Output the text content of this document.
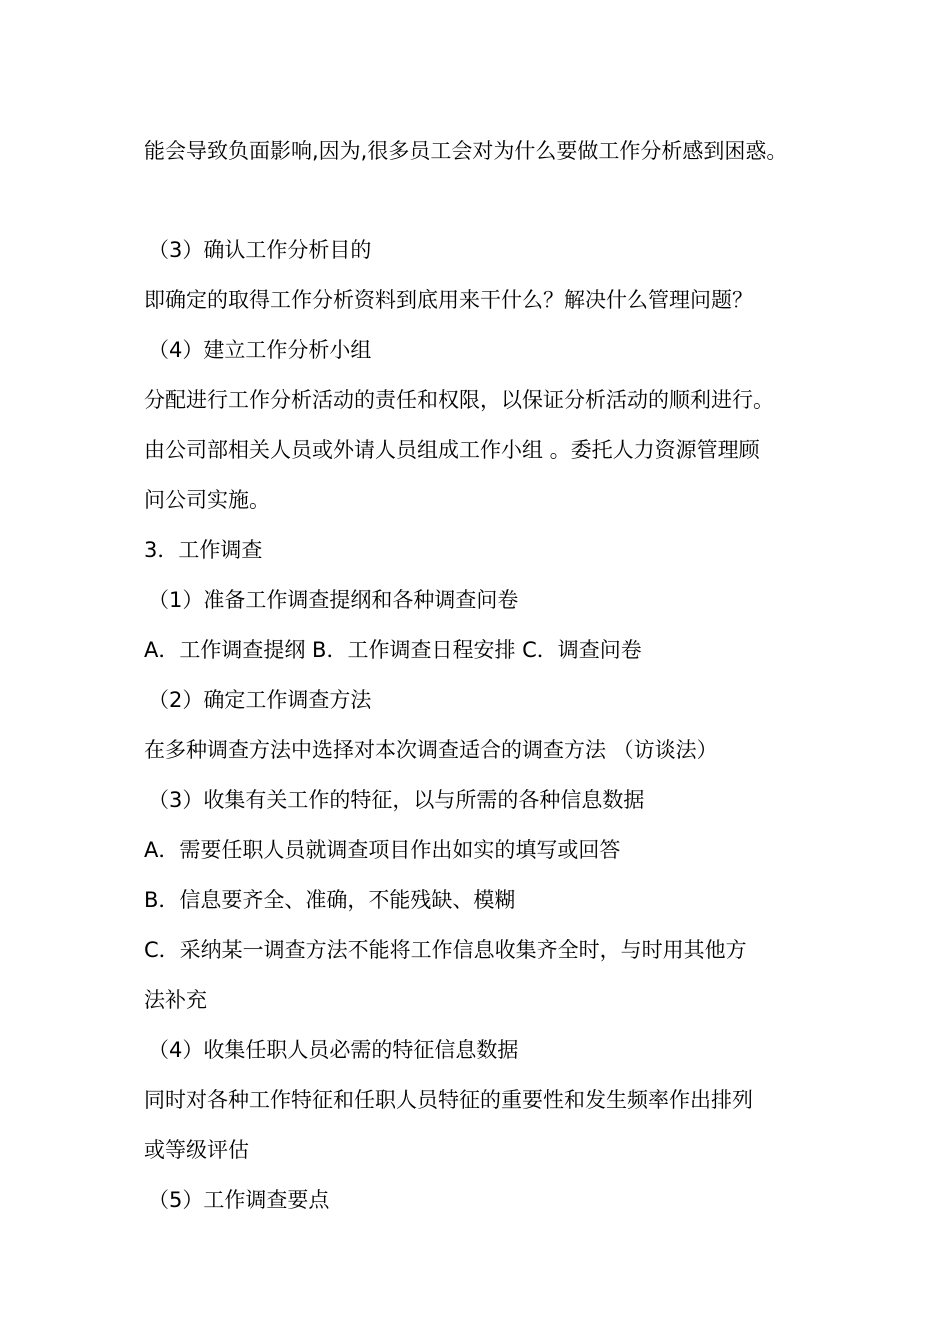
能会导致负面影响,因为,很多员工会对为什么要做工作分析感到困惑。
（3）确认工作分析目的
即确定的取得工作分析资料到底用来干什么？解决什么管理问题？
（4）建立工作分析小组
分配进行工作分析活动的责任和权限，以保证分析活动的顺利进行。
由公司部相关人员或外请人员组成工作小组 。委托人力资源管理顾
问公司实施。
3．工作调查
（1）准备工作调查提纲和各种调查问卷
A．工作调查提纲 B．工作调查日程安排 C．调查问卷
（2）确定工作调查方法
在多种调查方法中选择对本次调查适合的调查方法 （访谈法）
（3）收集有关工作的特征，以与所需的各种信息数据
A．需要任职人员就调查项目作出如实的填写或回答
B．信息要齐全、准确，不能残缺、模糊
C．采纳某一调查方法不能将工作信息收集齐全时，与时用其他方
法补充
（4）收集任职人员必需的特征信息数据
同时对各种工作特征和任职人员特征的重要性和发生频率作出排列
或等级评估
（5）工作调查要点
